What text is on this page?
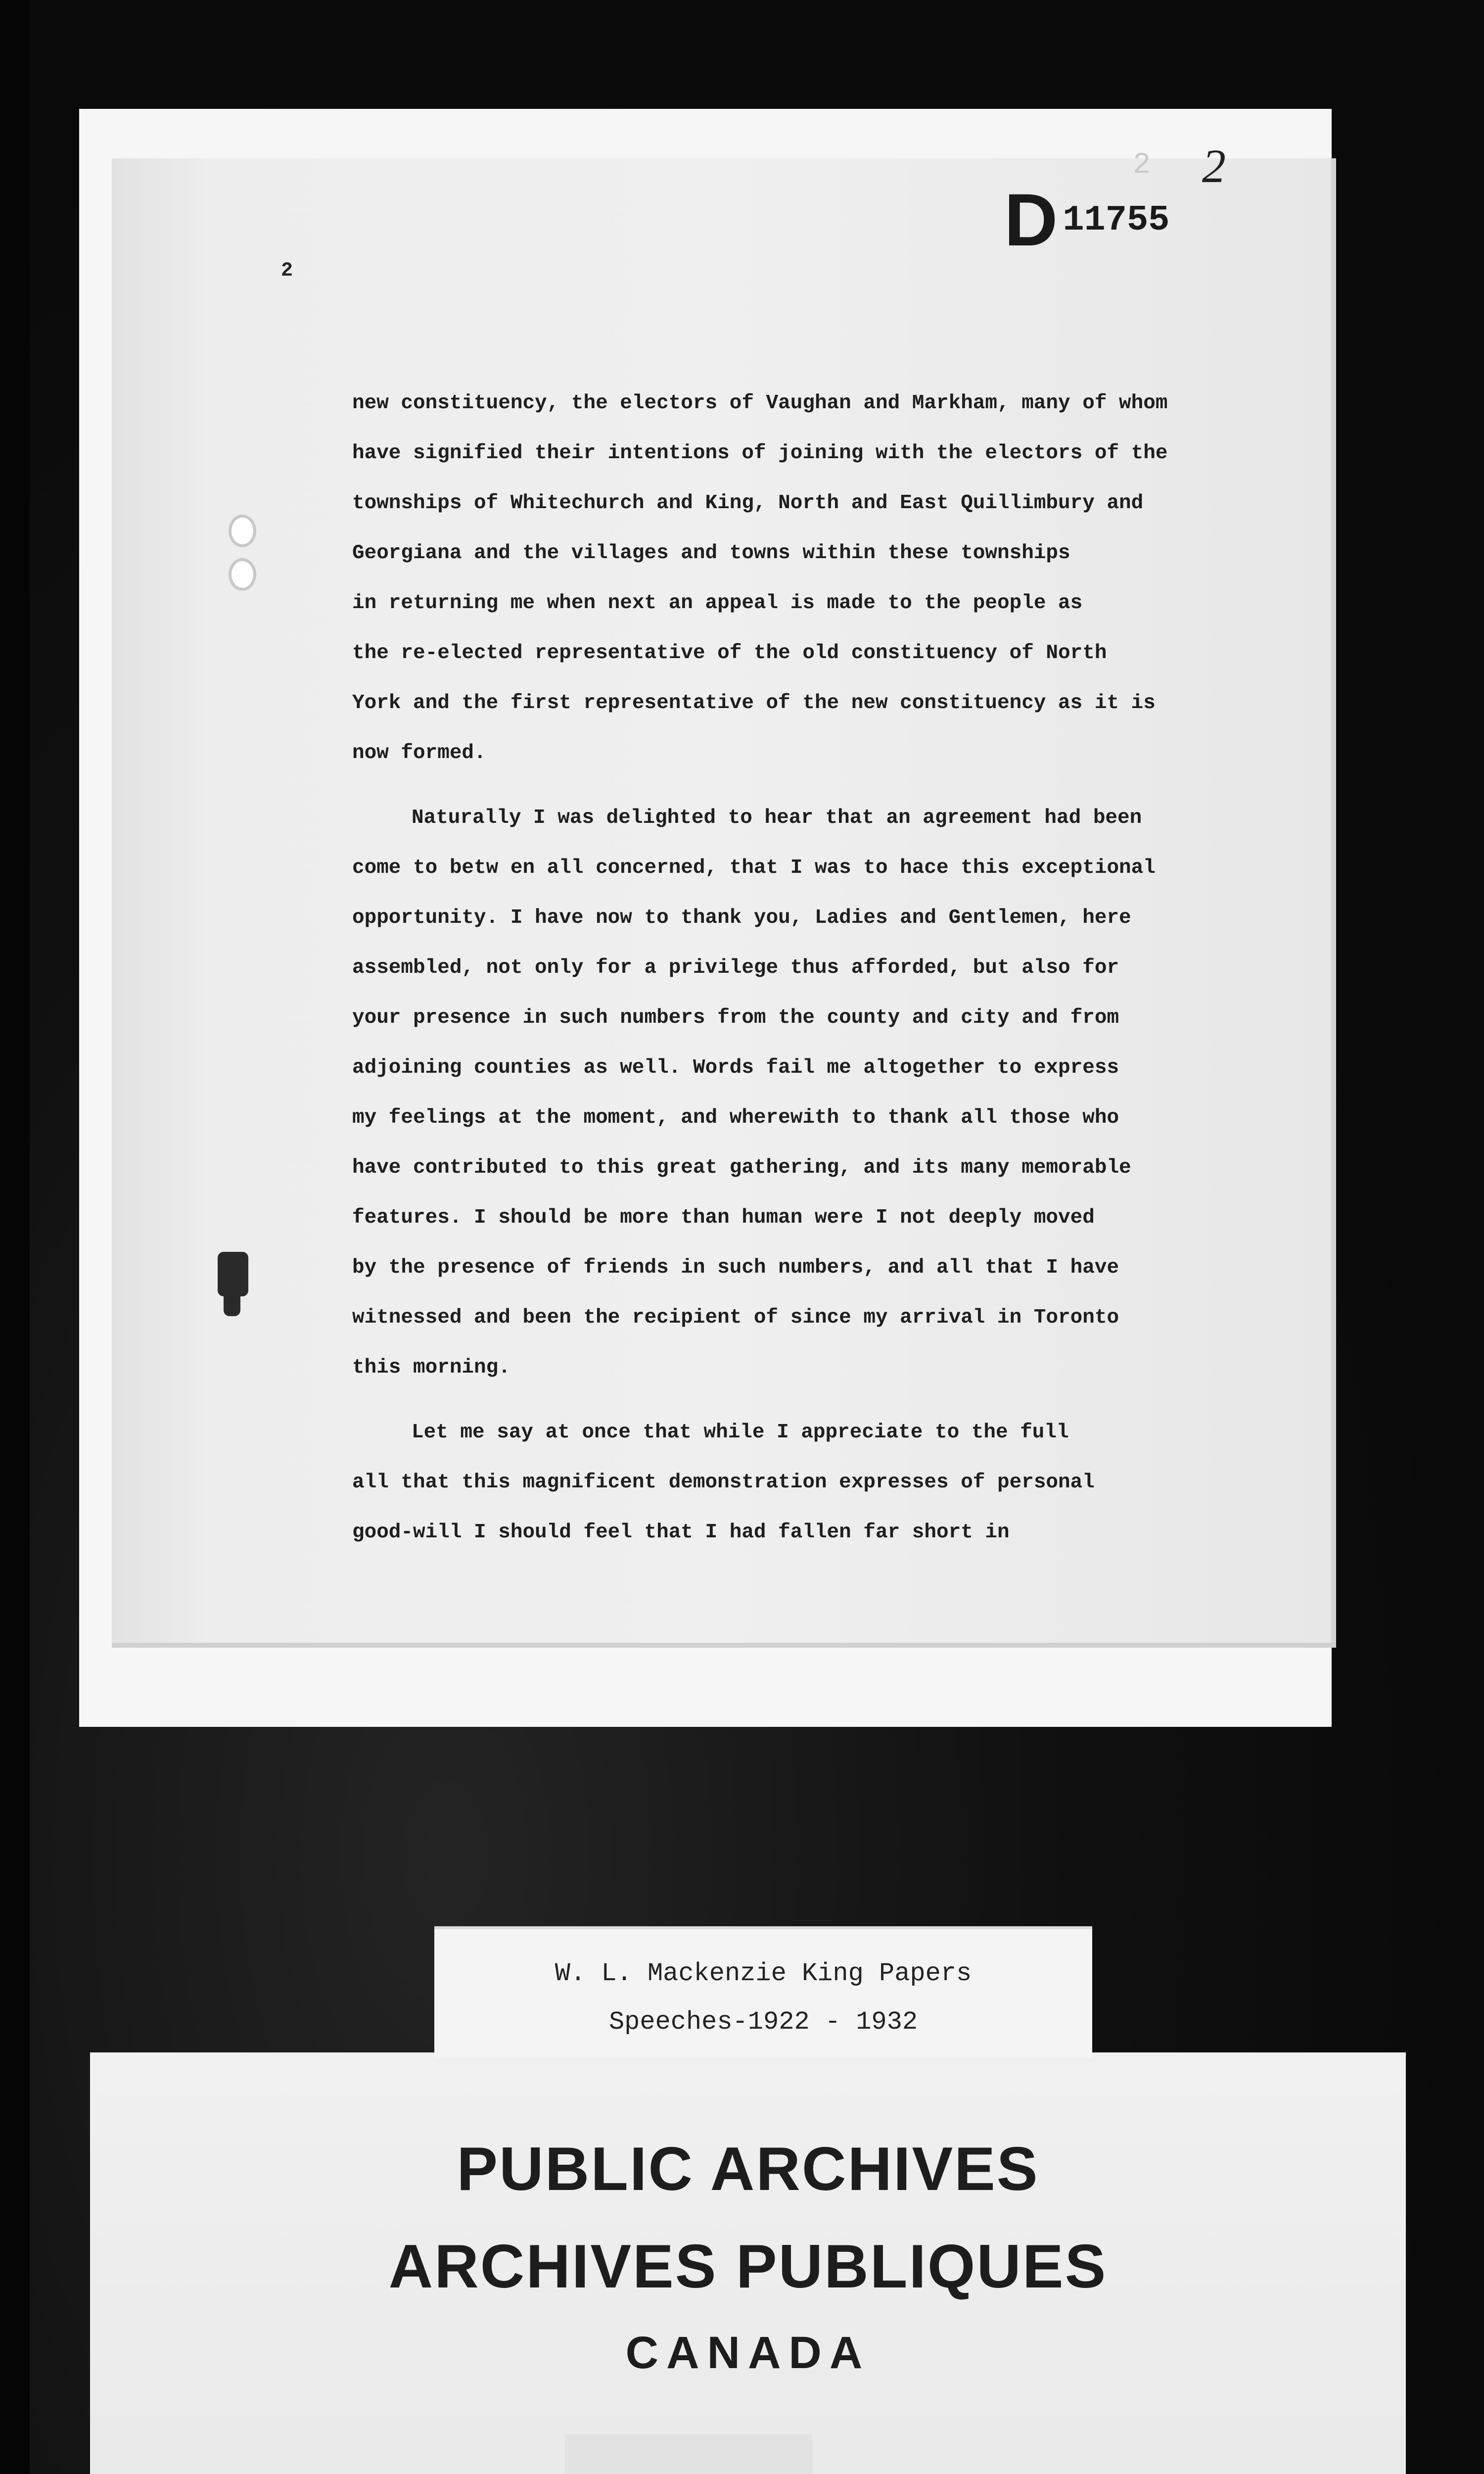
2 2
D 11755
2
new constituency, the electors of Vaughan and Markham, many of whom
have signified their intentions of joining with the electors of the
townships of Whitechurch and King, North and East Quillimbury and
Georgiana and the villages and towns within these townships
in returning me when next an appeal is made to the people as
the re-elected representative of the old constituency of North
York and the first representative of the new constituency as it is
now formed.
Naturally I was delighted to hear that an agreement had been
come to betw en all concerned, that I was to hace this exceptional
opportunity. I have now to thank you, Ladies and Gentlemen, here
assembled, not only for a privilege thus afforded, but also for
your presence in such numbers from the county and city and from
adjoining counties as well. Words fail me altogether to express
my feelings at the moment, and wherewith to thank all those who
have contributed to this great gathering, and its many memorable
features. I should be more than human were I not deeply moved
by the presence of friends in such numbers, and all that I have
witnessed and been the recipient of since my arrival in Toronto
this morning.
Let me say at once that while I appreciate to the full
all that this magnificent demonstration expresses of personal
good-will I should feel that I had fallen far short in
PUBLIC ARCHIVES
ARCHIVES PUBLIQUES
CANADA
W. L. Mackenzie King Papers
Speeches-1922 - 1932
